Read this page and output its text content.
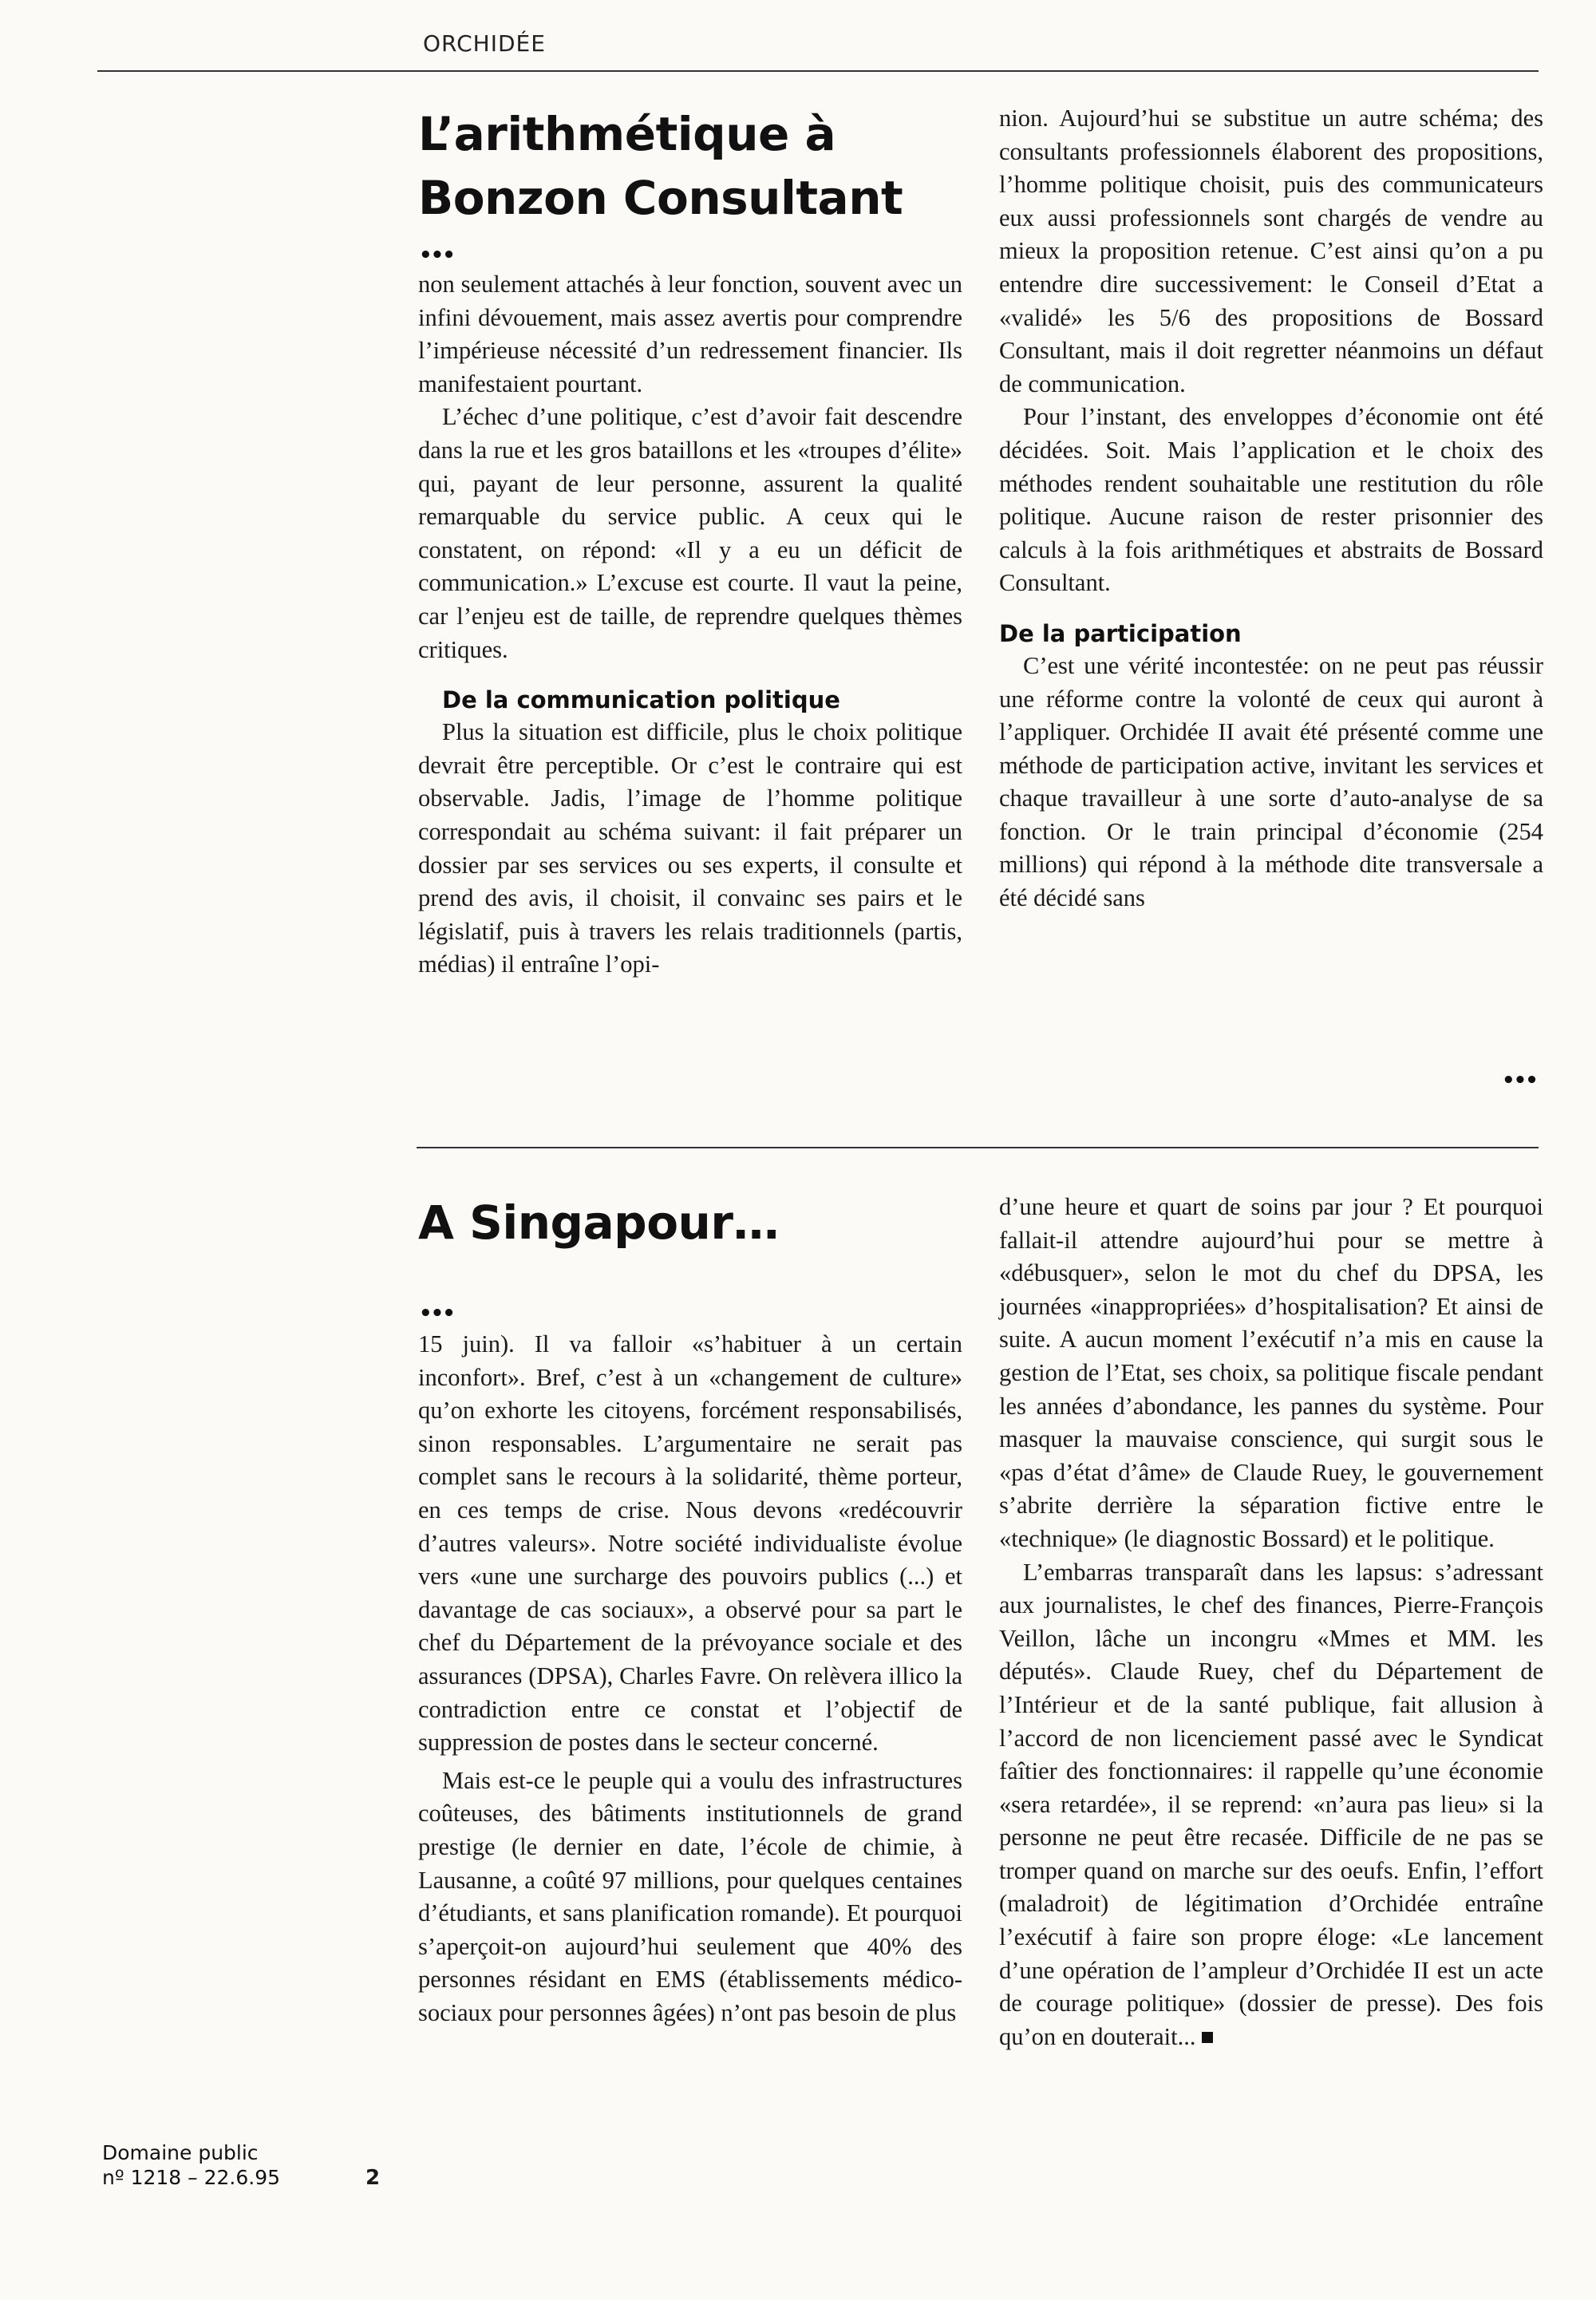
ORCHIDÉE
L’arithmétique à
Bonzon Consultant
•••

non seulement attachés à leur fonction, souvent avec un infini dévouement, mais assez avertis pour comprendre l’impérieuse nécessité d’un redressement financier. Ils manifestaient pourtant.

L’échec d’une politique, c’est d’avoir fait descendre dans la rue et les gros bataillons et les «troupes d’élite» qui, payant de leur personne, assurent la qualité remarquable du service public. A ceux qui le constatent, on répond: «Il y a eu un déficit de communication.» L’excuse est courte. Il vaut la peine, car l’enjeu est de taille, de reprendre quelques thèmes critiques.

De la communication politique

Plus la situation est difficile, plus le choix politique devrait être perceptible. Or c’est le contraire qui est observable. Jadis, l’image de l’homme politique correspondait au schéma suivant: il fait préparer un dossier par ses services ou ses experts, il consulte et prend des avis, il choisit, il convainc ses pairs et le législatif, puis à travers les relais traditionnels (partis, médias) il entraîne l’opi-

nion. Aujourd’hui se substitue un autre schéma; des consultants professionnels élaborent des propositions, l’homme politique choisit, puis des communicateurs eux aussi professionnels sont chargés de vendre au mieux la proposition retenue. C’est ainsi qu’on a pu entendre dire successivement: le Conseil d’Etat a «validé» les 5/6 des propositions de Bossard Consultant, mais il doit regretter néanmoins un défaut de communication.

Pour l’instant, des enveloppes d’économie ont été décidées. Soit. Mais l’application et le choix des méthodes rendent souhaitable une restitution du rôle politique. Aucune raison de rester prisonnier des calculs à la fois arithmétiques et abstraits de Bossard Consultant.

De la participation

C’est une vérité incontestée: on ne peut pas réussir une réforme contre la volonté de ceux qui auront à l’appliquer. Orchidée II avait été présenté comme une méthode de participation active, invitant les services et chaque travailleur à une sorte d’auto-analyse de sa fonction. Or le train principal d’économie (254 millions) qui répond à la méthode dite transversale a été décidé sans

•••
A Singapour…
•••

15 juin). Il va falloir «s’habituer à un certain inconfort». Bref, c’est à un «changement de culture» qu’on exhorte les citoyens, forcément responsabilisés, sinon responsables. L’argumentaire ne serait pas complet sans le recours à la solidarité, thème porteur, en ces temps de crise. Nous devons «redécouvrir d’autres valeurs». Notre société individualiste évolue vers «une une surcharge des pouvoirs publics (...) et davantage de cas sociaux», a observé pour sa part le chef du Département de la prévoyance sociale et des assurances (DPSA), Charles Favre. On relèvera illico la contradiction entre ce constat et l’objectif de suppression de postes dans le secteur concerné.

Mais est-ce le peuple qui a voulu des infrastructures coûteuses, des bâtiments institutionnels de grand prestige (le dernier en date, l’école de chimie, à Lausanne, a coûté 97 millions, pour quelques centaines d’étudiants, et sans planification romande). Et pourquoi s’aperçoit-on aujourd’hui seulement que 40% des personnes résidant en EMS (établissements médico-sociaux pour personnes âgées) n’ont pas besoin de plus

d’une heure et quart de soins par jour ? Et pourquoi fallait-il attendre aujourd’hui pour se mettre à «débusquer», selon le mot du chef du DPSA, les journées «inappropriées» d’hospitalisation? Et ainsi de suite. A aucun moment l’exécutif n’a mis en cause la gestion de l’Etat, ses choix, sa politique fiscale pendant les années d’abondance, les pannes du système. Pour masquer la mauvaise conscience, qui surgit sous le «pas d’état d’âme» de Claude Ruey, le gouvernement s’abrite derrière la séparation fictive entre le «technique» (le diagnostic Bossard) et le politique.

L’embarras transparaît dans les lapsus: s’adressant aux journalistes, le chef des finances, Pierre-François Veillon, lâche un incongru «Mmes et MM. les députés». Claude Ruey, chef du Département de l’Intérieur et de la santé publique, fait allusion à l’accord de non licenciement passé avec le Syndicat faîtier des fonctionnaires: il rappelle qu’une économie «sera retardée», il se reprend: «n’aura pas lieu» si la personne ne peut être recasée. Difficile de ne pas se tromper quand on marche sur des oeufs. Enfin, l’effort (maladroit) de légitimation d’Orchidée entraîne l’exécutif à faire son propre éloge: «Le lancement d’une opération de l’ampleur d’Orchidée II est un acte de courage politique» (dossier de presse). Des fois qu’on en douterait...

Domaine public
nº 1218 – 22.6.95	2
